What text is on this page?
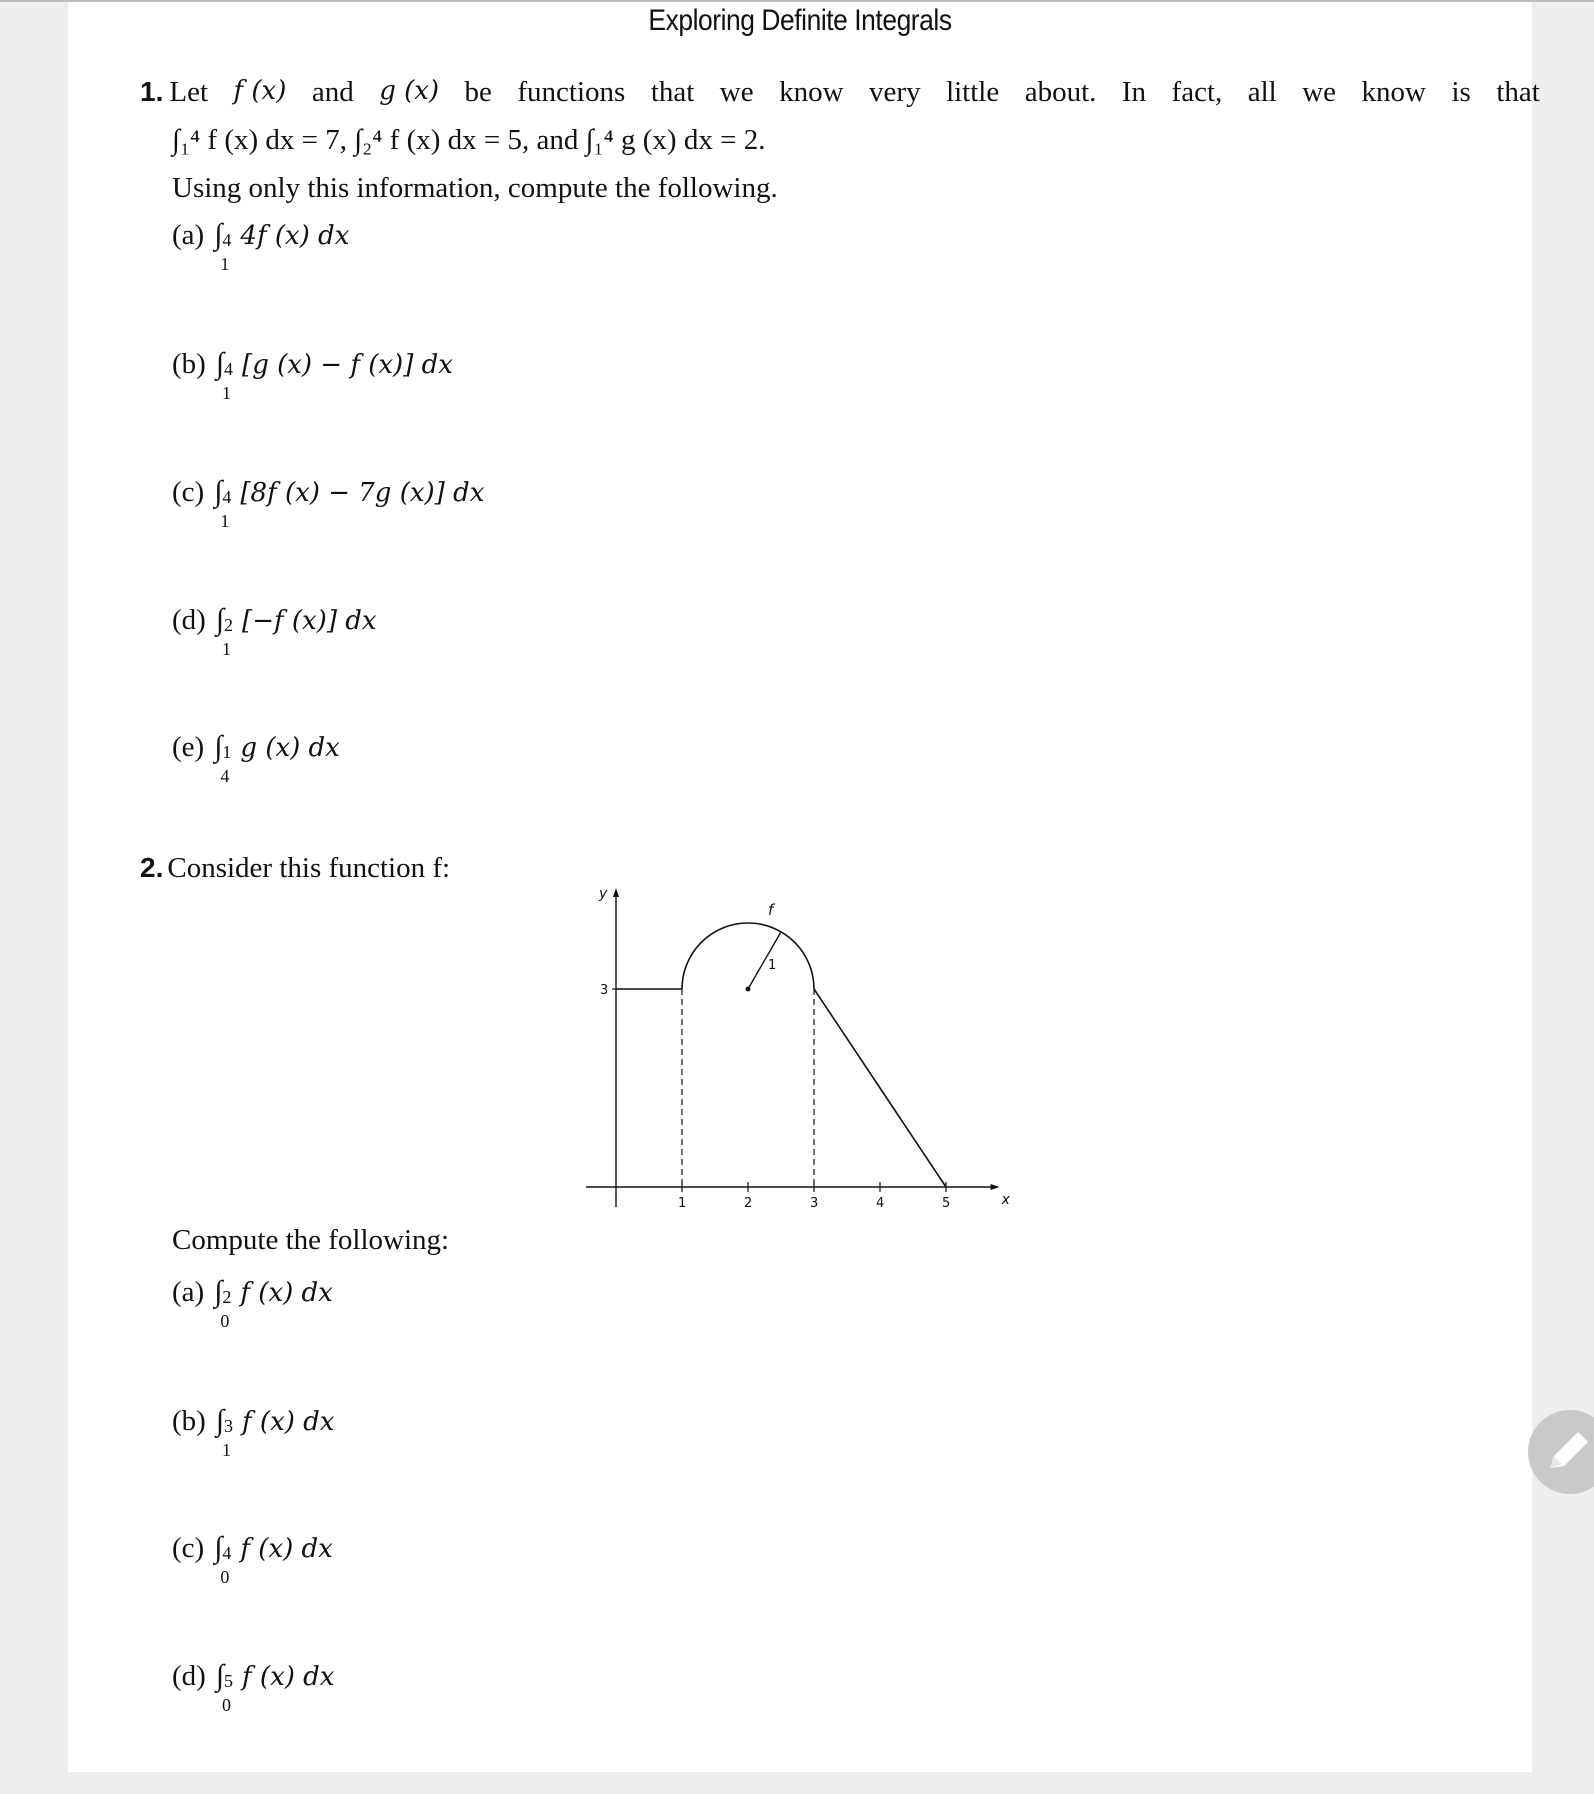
Exploring Definite Integrals
1. Let f (x) and g (x) be functions that we know very little about. In fact, all we know is that
∫₁⁴ f (x) dx = 7, ∫₂⁴ f (x) dx = 5, and ∫₁⁴ g (x) dx = 2.
Using only this information, compute the following.
(a) ∫ 4
1
4f (x) dx
(b) ∫ 4
1
[g (x) − f (x)] dx
(c) ∫ 4
1
[8f (x) − 7g (x)] dx
(d) ∫ 2
1
[−f (x)] dx
(e) ∫ 1
4
g (x) dx
2. Consider this function f:
x
y
1	2	3	4	5
3
1
f
Compute the following:
(a) ∫ 2
0
f (x) dx
(b) ∫ 3
1
f (x) dx
(c) ∫ 4
0
f (x) dx
(d) ∫ 5
0
f (x) dx
